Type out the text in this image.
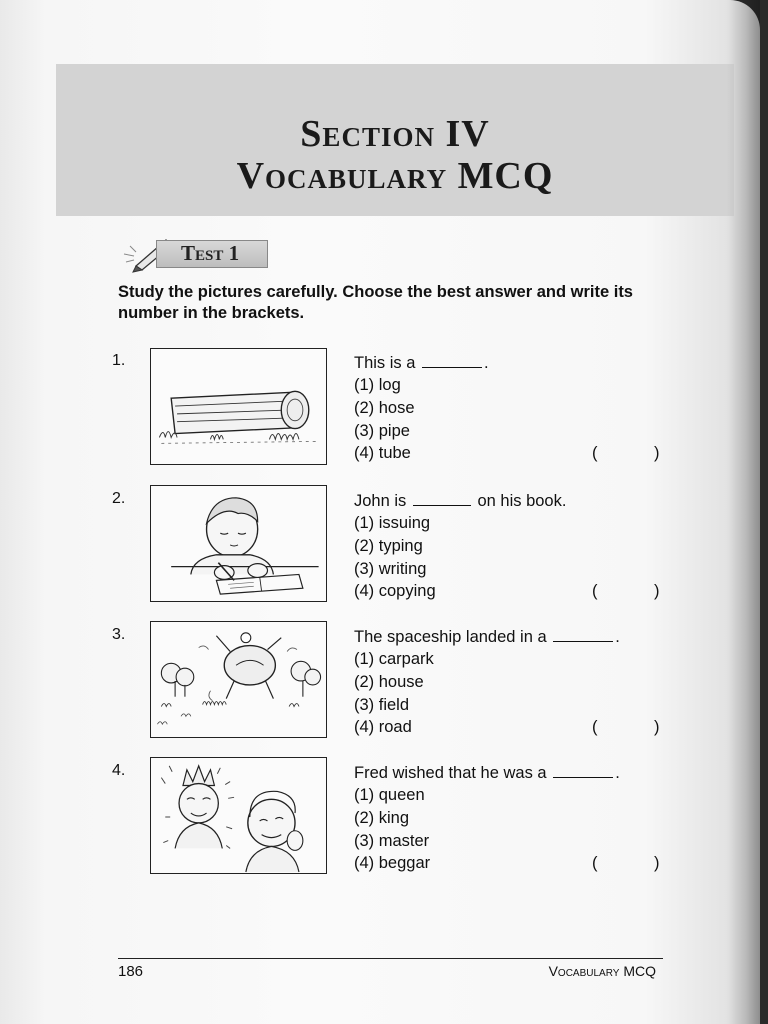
Section IV
Vocabulary MCQ
Test 1
Study the pictures carefully. Choose the best answer and write its number in the brackets.
1.	This is a	.
(1) log
(2) hose
(3) pipe
(4) tube	(	)
2.	John is	on his book.
(1) issuing
(2) typing
(3) writing
(4) copying	(	)
3.	The spaceship landed in a	.
(1) carpark
(2) house
(3) field
(4) road	(	)
4.	Fred wished that he was a	.
(1) queen
(2) king
(3) master
(4) beggar	(	)
186	Vocabulary MCQ
